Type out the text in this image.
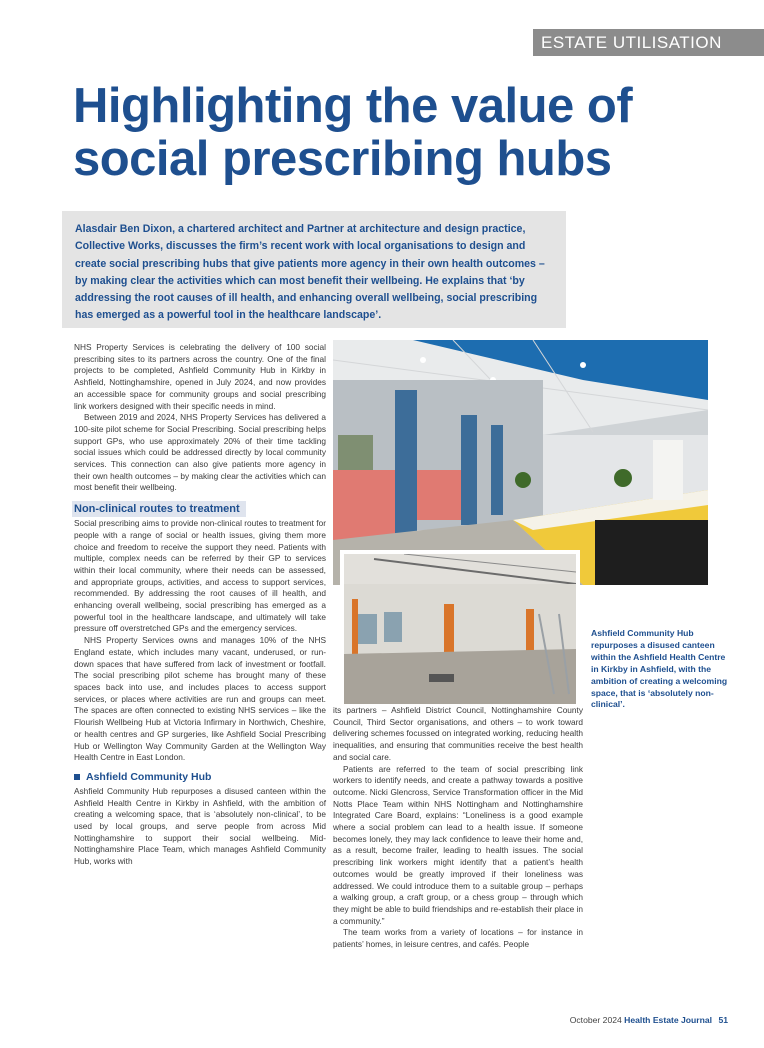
ESTATE UTILISATION
Highlighting the value of social prescribing hubs
Alasdair Ben Dixon, a chartered architect and Partner at architecture and design practice, Collective Works, discusses the firm’s recent work with local organisations to design and create social prescribing hubs that give patients more agency in their own health outcomes – by making clear the activities which can most benefit their wellbeing. He explains that ‘by addressing the root causes of ill health, and enhancing overall wellbeing, social prescribing has emerged as a powerful tool in the healthcare landscape’.

NHS Property Services is celebrating the delivery of 100 social prescribing sites to its partners across the country. One of the final projects to be completed, Ashfield Community Hub in Kirkby in Ashfield, Nottinghamshire, opened in July 2024, and now provides an accessible space for community groups and social prescribing link workers designed with their specific needs in mind.

Between 2019 and 2024, NHS Property Services has delivered a 100-site pilot scheme for Social Prescribing. Social prescribing helps support GPs, who use approximately 20% of their time tackling social issues which could be addressed directly by local community services. This connection can also give patients more agency in their own health outcomes – by making clear the activities which can most benefit their wellbeing.

Non-clinical routes to treatment

Social prescribing aims to provide non-clinical routes to treatment for people with a range of social or health issues, giving them more choice and freedom to receive the support they need. Patients with multiple, complex needs can be referred by their GP to services within their local community, where their needs can be assessed, and appropriate groups, activities, and access to support services, recommended. By addressing the root causes of ill health, and enhancing overall wellbeing, social prescribing has emerged as a powerful tool in the healthcare landscape, and ultimately will take pressure off overstretched GPs and the emergency services.

NHS Property Services owns and manages 10% of the NHS England estate, which includes many vacant, underused, or run-down spaces that have suffered from lack of investment or footfall. The social prescribing pilot scheme has brought many of these spaces back into use, and includes places to access support services, or places where activities are run and groups can meet. The spaces are often connected to existing NHS services – like the Flourish Wellbeing Hub at Victoria Infirmary in Northwich, Cheshire, or health centres and GP surgeries, like Ashfield Social Prescribing Hub or Wellington Way Community Garden at the Wellington Way Health Centre in East London.

Ashfield Community Hub

Ashfield Community Hub repurposes a disused canteen within the Ashfield Health Centre in Kirkby in Ashfield, with the ambition of creating a welcoming space, that is ‘absolutely non-clinical’, to be used by local groups, and serve people from across Mid Nottinghamshire to support their social wellbeing. Mid-Nottinghamshire Place Team, which manages Ashfield Community Hub, works with

Ashfield Community Hub repurposes a disused canteen within the Ashfield Health Centre in Kirkby in Ashfield, with the ambition of creating a welcoming space, that is ‘absolutely non-clinical’.

its partners – Ashfield District Council, Nottinghamshire County Council, Third Sector organisations, and others – to work toward delivering schemes focussed on integrated working, reducing health inequalities, and ensuring that communities receive the best health and social care.

Patients are referred to the team of social prescribing link workers to identify needs, and create a pathway towards a positive outcome. Nicki Glencross, Service Transformation officer in the Mid Notts Place Team within NHS Nottingham and Nottinghamshire Integrated Care Board, explains: “Loneliness is a good example where a social problem can lead to a health issue. If someone becomes lonely, they may lack confidence to leave their home and, as a result, become frailer, leading to health issues. The social prescribing link workers might identify that a patient’s health outcomes would be greatly improved if their loneliness was addressed. We could introduce them to a suitable group – perhaps a walking group, a craft group, or a chess group – through which they might be able to build friendships and re-establish their place in a community.”

The team works from a variety of locations – for instance in patients’ homes, in leisure centres, and cafés. People

October 2024 Health Estate Journal 51
